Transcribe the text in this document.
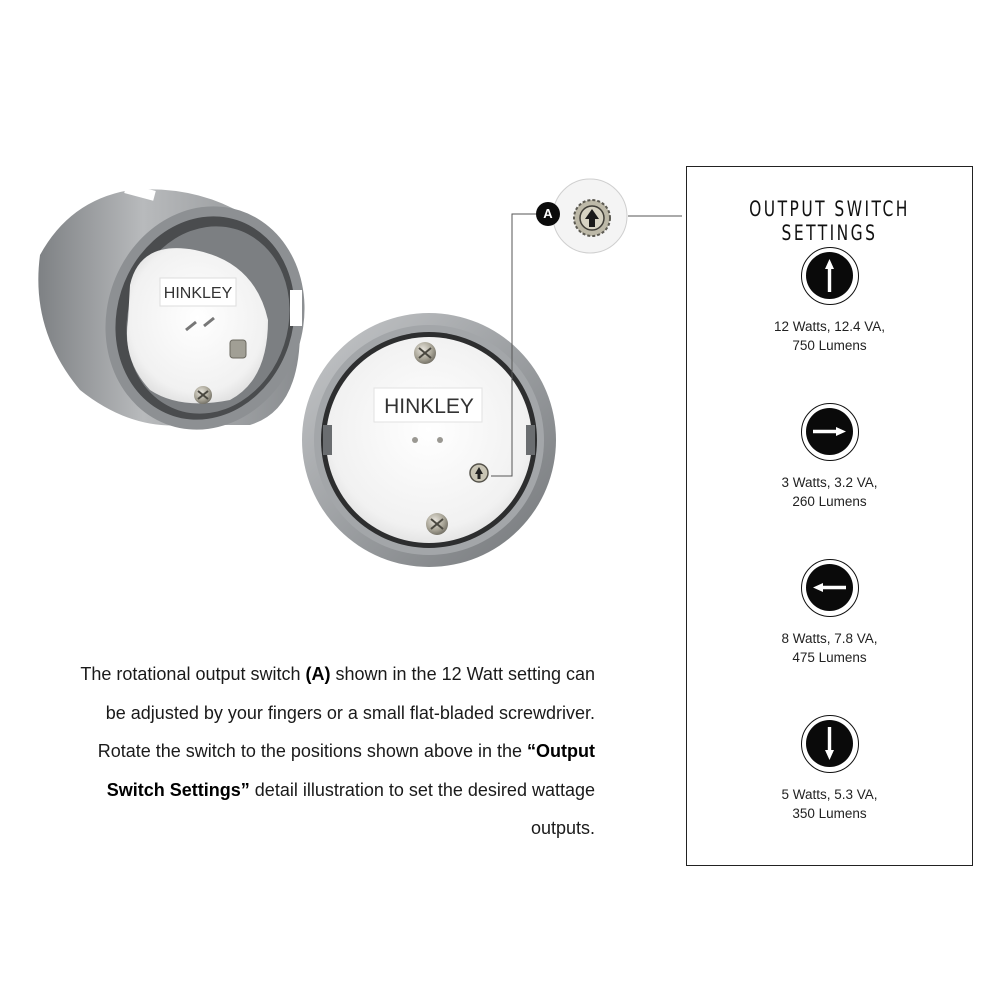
HINKLEY
HINKLEY
A	OUTPUT SWITCH SETTINGS

12 Watts, 12.4 VA,

750 Lumens

3 Watts, 3.2 VA,

260 Lumens

8 Watts, 7.8 VA,

475 Lumens

5 Watts, 5.3 VA,

350 Lumens

The rotational output switch (A) shown in the 12 Watt setting can be adjusted by your fingers or a small flat-bladed screwdriver. Rotate the switch to the positions shown above in the “Output Switch Settings” detail illustration to set the desired wattage outputs.
